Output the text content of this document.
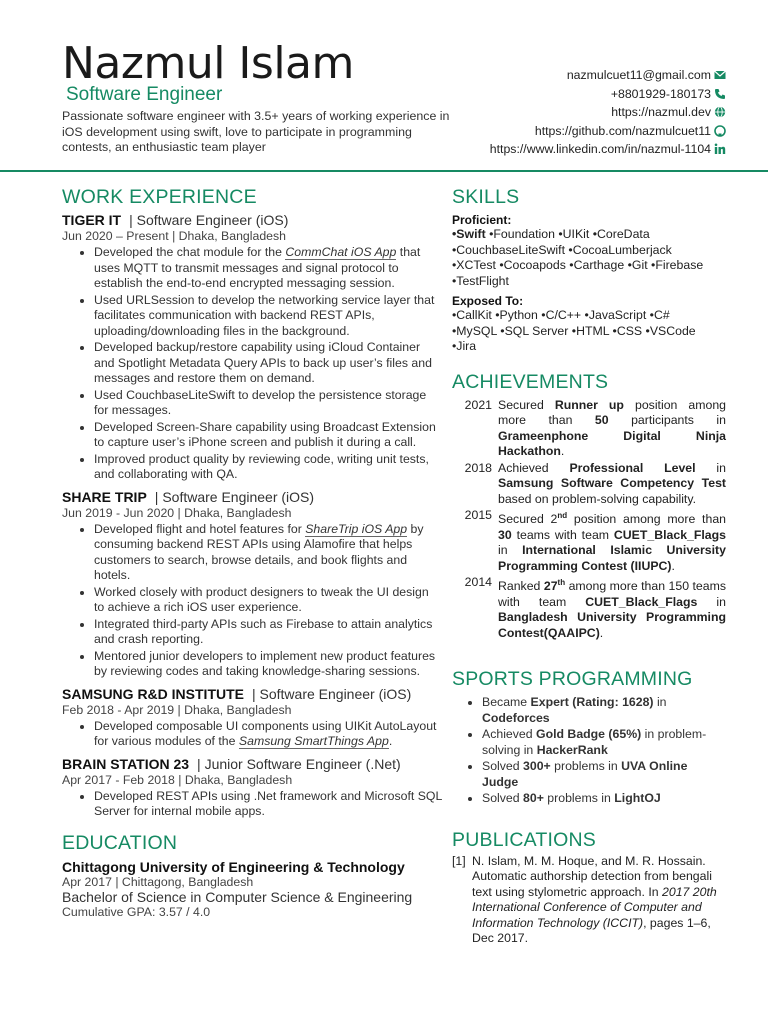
Nazmul Islam
Software Engineer
Passionate software engineer with 3.5+ years of working experience in iOS development using swift, love to participate in programming contests, an enthusiastic team player
nazmulcuet11@gmail.com
+8801929-180173
https://nazmul.dev
https://github.com/nazmulcuet11
https://www.linkedin.com/in/nazmul-1104
WORK EXPERIENCE
TIGER IT | Software Engineer (iOS)
Jun 2020 – Present | Dhaka, Bangladesh
• Developed the chat module for the CommChat iOS App that uses MQTT to transmit messages and signal protocol to establish the end-to-end encrypted messaging session.
• Used URLSession to develop the networking service layer that facilitates communication with backend REST APIs, uploading/downloading files in the background.
• Developed backup/restore capability using iCloud Container and Spotlight Metadata Query APIs to back up user’s files and messages and restore them on demand.
• Used CouchbaseLiteSwift to develop the persistence storage for messages.
• Developed Screen-Share capability using Broadcast Extension to capture user’s iPhone screen and publish it during a call.
• Improved product quality by reviewing code, writing unit tests, and collaborating with QA.
SHARE TRIP | Software Engineer (iOS)
Jun 2019 - Jun 2020 | Dhaka, Bangladesh
• Developed flight and hotel features for ShareTrip iOS App by consuming backend REST APIs using Alamofire that helps customers to search, browse details, and book flights and hotels.
• Worked closely with product designers to tweak the UI design to achieve a rich iOS user experience.
• Integrated third-party APIs such as Firebase to attain analytics and crash reporting.
• Mentored junior developers to implement new product features by reviewing codes and taking knowledge-sharing sessions.
SAMSUNG R&D INSTITUTE | Software Engineer (iOS)
Feb 2018 - Apr 2019 | Dhaka, Bangladesh
• Developed composable UI components using UIKit AutoLayout for various modules of the Samsung SmartThings App.
BRAIN STATION 23 | Junior Software Engineer (.Net)
Apr 2017 - Feb 2018 | Dhaka, Bangladesh
• Developed REST APIs using .Net framework and Microsoft SQL Server for internal mobile apps.
EDUCATION
Chittagong University of Engineering & Technology
Apr 2017 | Chittagong, Bangladesh
Bachelor of Science in Computer Science & Engineering
Cumulative GPA: 3.57 / 4.0
SKILLS
Proficient:
•Swift •Foundation •UIKit •CoreData
•CouchbaseLiteSwift •CocoaLumberjack
•XCTest •Cocoapods •Carthage •Git •Firebase
•TestFlight
Exposed To:
•CallKit •Python •C/C++ •JavaScript •C#
•MySQL •SQL Server •HTML •CSS •VSCode
•Jira
ACHIEVEMENTS
2021	Secured Runner up position among more than 50 participants in Grameenphone Digital Ninja Hackathon.
2018	Achieved Professional Level in Samsung Software Competency Test based on problem-solving capability.
2015	Secured 2nd position among more than 30 teams with team CUET_Black_Flags in International Islamic University Programming Contest (IIUPC).
2014	Ranked 27th among more than 150 teams with team CUET_Black_Flags in Bangladesh University Programming Contest(QAAIPC).
SPORTS PROGRAMMING
• Became Expert (Rating: 1628) in Codeforces
• Achieved Gold Badge (65%) in problem-solving in HackerRank
• Solved 300+ problems in UVA Online Judge
• Solved 80+ problems in LightOJ
PUBLICATIONS
[1] N. Islam, M. M. Hoque, and M. R. Hossain. Automatic authorship detection from bengali text using stylometric approach. In 2017 20th International Conference of Computer and Information Technology (ICCIT), pages 1–6, Dec 2017.
